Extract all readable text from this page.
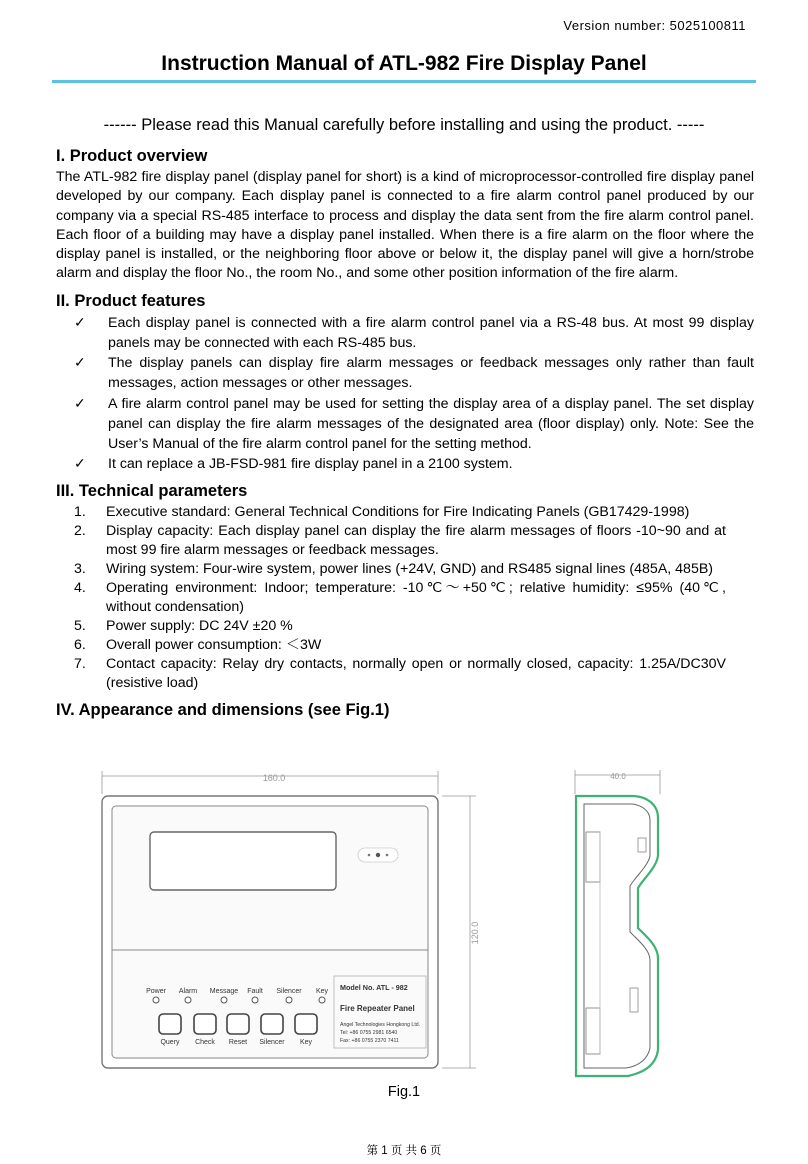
Version number: 5025100811
Instruction Manual of ATL-982 Fire Display Panel
------ Please read this Manual carefully before installing and using the product. -----
I. Product overview

The ATL-982 fire display panel (display panel for short) is a kind of microprocessor-controlled fire display panel developed by our company. Each display panel is connected to a fire alarm control panel produced by our company via a special RS-485 interface to process and display the data sent from the fire alarm control panel. Each floor of a building may have a display panel installed. When there is a fire alarm on the floor where the display panel is installed, or the neighboring floor above or below it, the display panel will give a horn/strobe alarm and display the floor No., the room No., and some other position information of the fire alarm.

II. Product features
✓ Each display panel is connected with a fire alarm control panel via a RS-48 bus. At most 99 display panels may be connected with each RS-485 bus.
✓ The display panels can display fire alarm messages or feedback messages only rather than fault messages, action messages or other messages.
✓ A fire alarm control panel may be used for setting the display area of a display panel. The set display panel can display the fire alarm messages of the designated area (floor display) only. Note: See the User’s Manual of the fire alarm control panel for the setting method.
✓ It can replace a JB-FSD-981 fire display panel in a 2100 system.
III. Technical parameters
1. Executive standard: General Technical Conditions for Fire Indicating Panels (GB17429-1998)
2. Display capacity: Each display panel can display the fire alarm messages of floors -10~90 and at most 99 fire alarm messages or feedback messages.
3. Wiring system: Four-wire system, power lines (+24V, GND) and RS485 signal lines (485A, 485B)
4. Operating environment: Indoor; temperature: -10℃～+50℃; relative humidity: ≤95% (40℃, without condensation)
5. Power supply: DC 24V ±20 %
6. Overall power consumption: ＜3W
7. Contact capacity: Relay dry contacts, normally open or normally closed, capacity: 1.25A/DC30V (resistive load)
IV. Appearance and dimensions (see Fig.1)
160.0
120.0
Power Alarm Message Fault Silencer Key
Query Check Reset Silencer Key
Model No. ATL - 982
Fire Repeater Panel
Angel Technologies Hongkong Ltd.
Tel: +86 0755 2981 6540
Fax: +86 0755 2370 7411
40.0
Fig.1
第 1 页 共 6 页
